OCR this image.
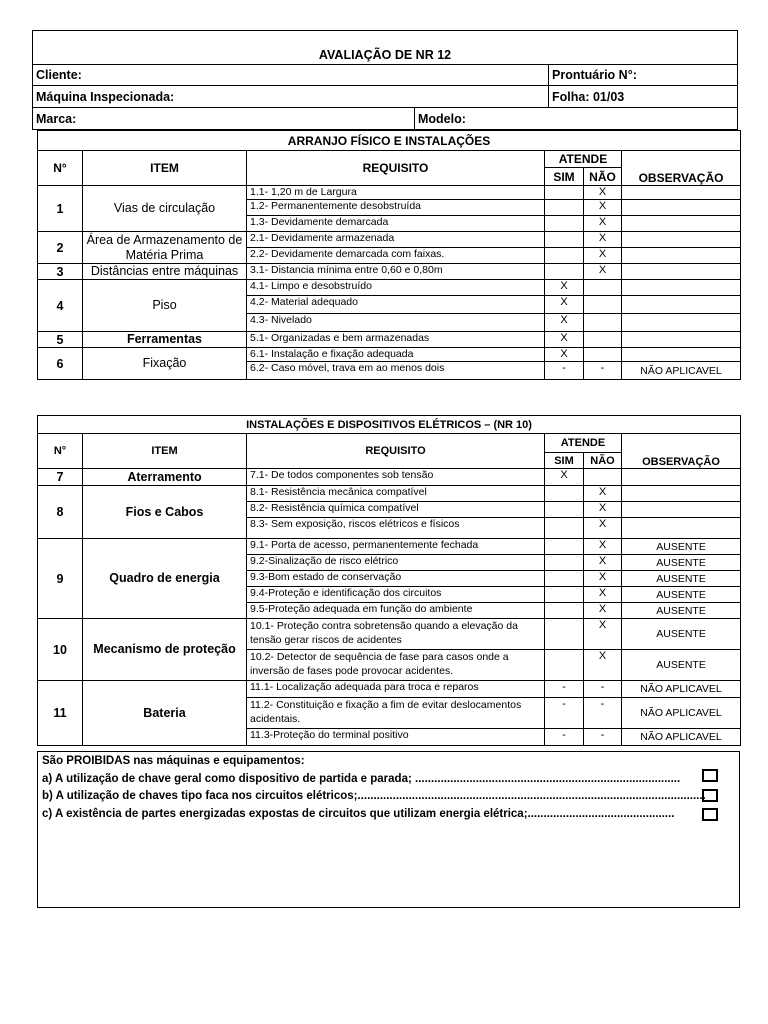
AVALIAÇÃO DE NR 12		
Cliente:		Prontuário N°:
Máquina Inspecionada:		Folha: 01/03
Marca:	Modelo:	
ARRANJO FÍSICO E INSTALAÇÕES					
N°	ITEM	REQUISITO	ATENDE		OBSERVAÇÃO
			SIM	NÃO	
1	Vias de circulação	1.1- 1,20 m de Largura		X	
		1.2- Permanentemente desobstruída		X	
		1.3- Devidamente demarcada		X	
2	Área de Armazenamento de Matéria Prima	2.1- Devidamente armazenada		X	
		2.2- Devidamente demarcada com faixas.		X	
3	Distâncias entre máquinas	3.1- Distancia mínima entre 0,60 e 0,80m		X	
4	Piso	4.1- Limpo e desobstruído	X		
		4.2- Material adequado	X		
		4.3- Nivelado	X		
5	Ferramentas	5.1- Organizadas e bem armazenadas	X		
6	Fixação	6.1- Instalação e fixação adequada	X		
		6.2- Caso móvel, trava em ao menos dois	-	-	NÃO APLICAVEL
INSTALAÇÕES E DISPOSITIVOS ELÉTRICOS – (NR 10)					
N°	ITEM	REQUISITO	ATENDE		OBSERVAÇÃO
			SIM	NÃO	
7	Aterramento	7.1- De todos componentes sob tensão	X		
8	Fios e Cabos	8.1- Resistência mecânica compatível		X	
		8.2- Resistência química compatível		X	
		8.3- Sem exposição, riscos elétricos e físicos		X	
9	Quadro de energia	9.1- Porta de acesso, permanentemente fechada		X	AUSENTE
		9.2-Sinalização de risco elétrico		X	AUSENTE
		9.3-Bom estado de conservação		X	AUSENTE
		9.4-Proteção e identificação dos circuitos		X	AUSENTE
		9.5-Proteção adequada em função do ambiente		X	AUSENTE
10	Mecanismo de proteção	10.1- Proteção contra sobretensão quando a elevação da tensão gerar riscos de acidentes		X	AUSENTE
		10.2- Detector de sequência de fase para casos onde a inversão de fases pode provocar acidentes.		X	AUSENTE
11	Bateria	11.1- Localização adequada para troca e reparos	-	-	NÃO APLICAVEL
		11.2- Constituição e fixação a fim de evitar deslocamentos acidentais.	-	-	NÃO APLICAVEL
		11.3-Proteção do terminal positivo	-	-	NÃO APLICAVEL
São PROIBIDAS nas máquinas e equipamentos:
a) A utilização de chave geral como dispositivo de partida e parada; ...................................................................................
b) A utilização de chaves tipo faca nos circuitos elétricos;.............................................................................................................
c) A existência de partes energizadas expostas de circuitos que utilizam energia elétrica;..............................................
